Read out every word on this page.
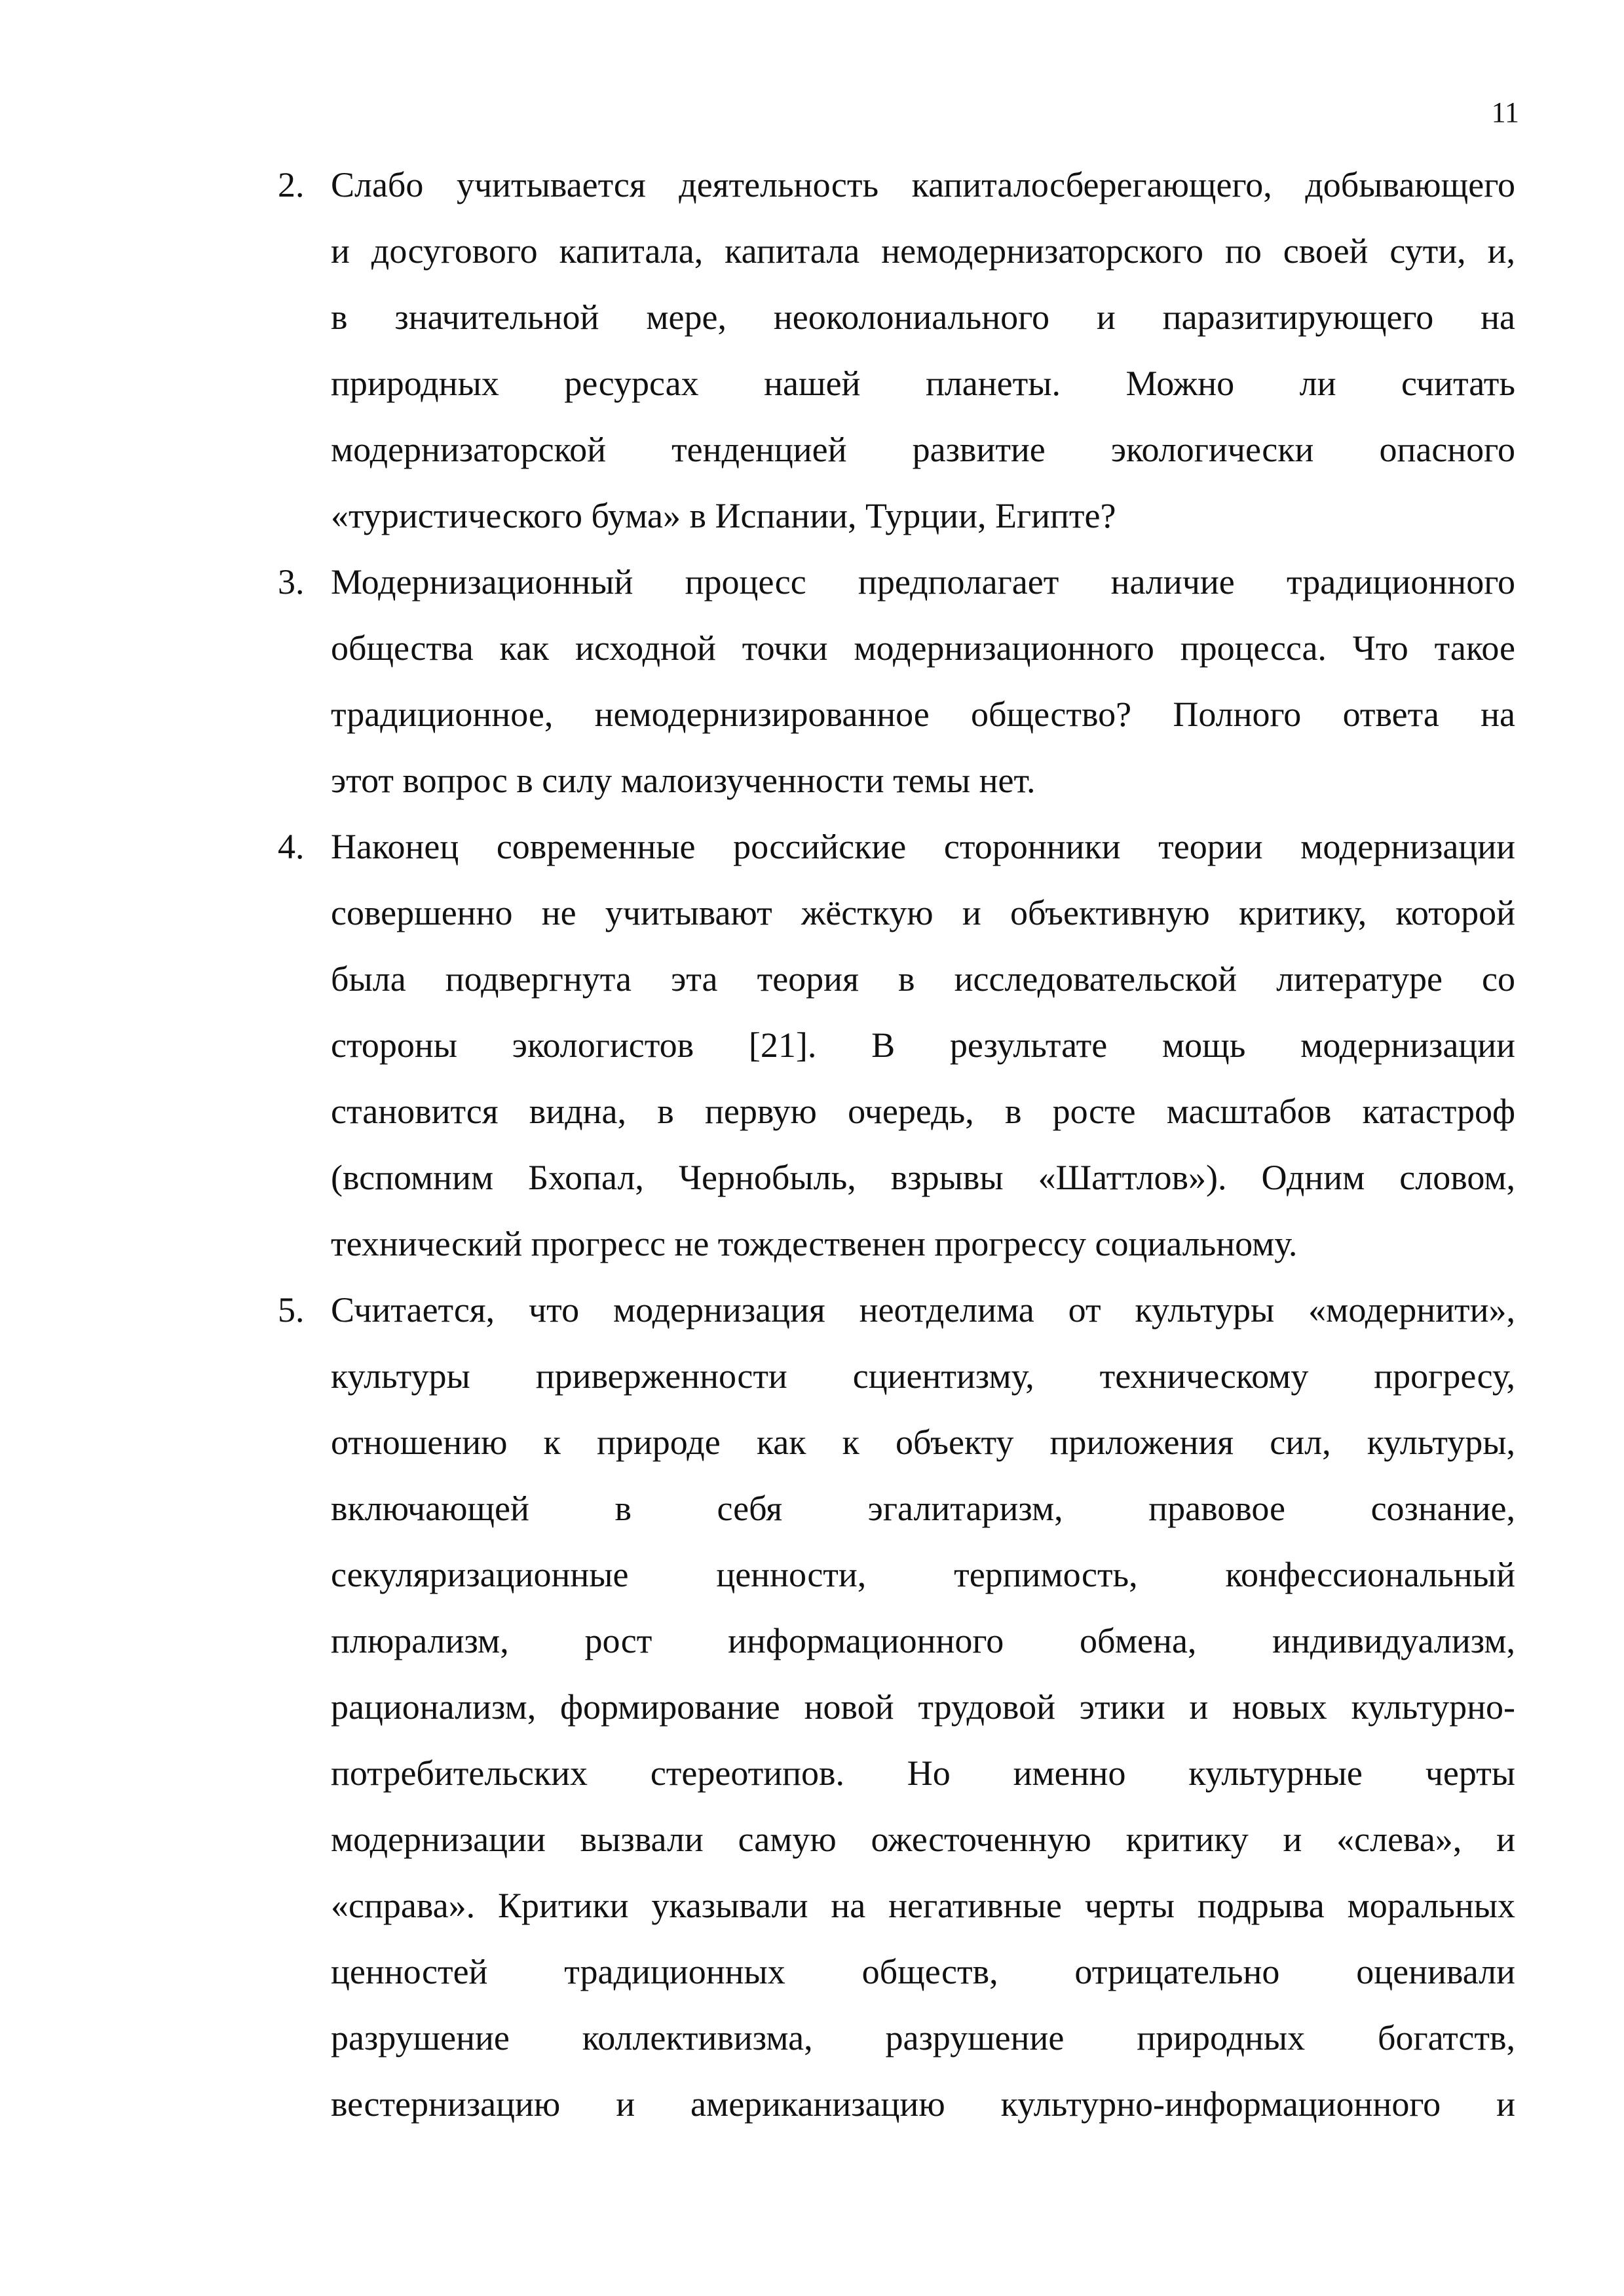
11
2. Слабо учитывается деятельность капиталосберегающего, добывающего
и досугового капитала, капитала немодернизаторского по своей сути, и,
в значительной мере, неоколониального и паразитирующего на
природных ресурсах нашей планеты. Можно ли считать
модернизаторской тенденцией развитие экологически опасного
«туристического бума» в Испании, Турции, Египте?
3. Модернизационный процесс предполагает наличие традиционного
общества как исходной точки модернизационного процесса. Что такое
традиционное, немодернизированное общество? Полного ответа на
этот вопрос в силу малоизученности темы нет.
4. Наконец современные российские сторонники теории модернизации
совершенно не учитывают жёсткую и объективную критику, которой
была подвергнута эта теория в исследовательской литературе со
стороны экологистов [21]. В результате мощь модернизации
становится видна, в первую очередь, в росте масштабов катастроф
(вспомним Бхопал, Чернобыль, взрывы «Шаттлов»). Одним словом,
технический прогресс не тождественен прогрессу социальному.
5. Считается, что модернизация неотделима от культуры «модернити»,
культуры приверженности сциентизму, техническому прогресу,
отношению к природе как к объекту приложения сил, культуры,
включающей в себя эгалитаризм, правовое сознание,
секуляризационные ценности, терпимость, конфессиональный
плюрализм, рост информационного обмена, индивидуализм,
рационализм, формирование новой трудовой этики и новых культурно-
потребительских стереотипов. Но именно культурные черты
модернизации вызвали самую ожесточенную критику и «слева», и
«справа». Критики указывали на негативные черты подрыва моральных
ценностей традиционных обществ, отрицательно оценивали
разрушение коллективизма, разрушение природных богатств,
вестернизацию и американизацию культурно-информационного и
